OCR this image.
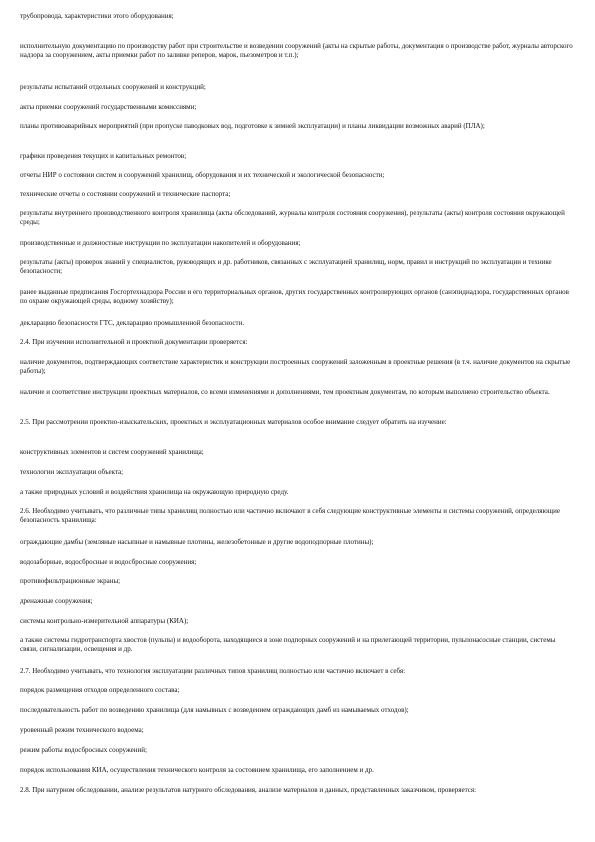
трубопровода, характеристики этого оборудования;

исполнительную документацию по производству работ при строительстве и возведении сооружений (акты на скрытые работы, документация о производстве работ, журналы авторского надзора за сооружением, акты приемки работ по заливке реперов, марок, пьезометров и т.п.);

результаты испытаний отдельных сооружений и конструкций;

акты приемки сооружений государственными комиссиями;

планы противоаварийных мероприятий (при пропуске паводковых вод, подготовке к зимней эксплуатации) и планы ликвидации возможных аварий (ПЛА);

графики проведения текущих и капитальных ремонтов;

отчеты НИР о состоянии систем и сооружений хранилищ, оборудования и их технической и экологической безопасности;

технические отчеты о состоянии сооружений и технические паспорта;

результаты внутреннего производственного контроля хранилища (акты обследований, журналы контроля состояния сооружения), результаты (акты) контроля состояния окружающей среды;

производственные и должностные инструкции по эксплуатации накопителей и оборудования;

результаты (акты) проверок знаний у специалистов, руководящих и др. работников, связанных с эксплуатацией хранилищ, норм, правил и инструкций по эксплуатации и технике безопасности;

ранее выданные предписания Госгортехнадзора России и его территориальных органов, других государственных контролирующих органов (санэпиднадзора, государственных органов по охране окружающей среды, водному хозяйству);

декларацию безопасности ГТС, декларацию промышленной безопасности.

2.4. При изучении исполнительной и проектной документации проверяется:

наличие документов, подтверждающих соответствие характеристик и конструкции построенных сооружений заложенным в проектные решения (в т.ч. наличие документов на скрытые работы);

наличие и соответствие инструкции проектных материалов, со всеми изменениями и дополнениями, тем проектным документам, по которым выполнено строительство объекта.

2.5. При рассмотрении проектно-изыскательских, проектных и эксплуатационных материалов особое внимание следует обратить на изучение:

конструктивных элементов и систем сооружений хранилища;

технологии эксплуатации объекта;

а также природных условий и воздействия хранилища на окружающую природную среду.

2.6. Необходимо учитывать, что различные типы хранилищ полностью или частично включают в себя следующие конструктивные элементы и системы сооружений, определяющие безопасность хранилища:

ограждающие дамбы (земляные насыпные и намывные плотины, железобетонные и другие водоподпорные плотины);

водозаборные, водосбросные и водосбросные сооружения;

противофильтрационные экраны;

дренажные сооружения;

системы контрольно-измерительной аппаратуры (КИА);

а также системы гидротранспорта хвостов (пульпы) и водооборота, находящиеся в зоне подпорных сооружений и на прилегающей территории, пульпонасосные станции, системы связи, сигнализации, освещения и др.

2.7. Необходимо учитывать, что технология эксплуатации различных типов хранилищ полностью или частично включает в себя:

порядок размещения отходов определенного состава;

последовательность работ по возведению хранилища (для намывных с возведением ограждающих дамб из намываемых отходов);

уровенный режим технического водоема;

режим работы водосбросных сооружений;

порядок использования КИА, осуществления технического контроля за состоянием хранилища, его заполнением и др.

2.8. При натурном обследовании, анализе результатов натурного обследования, анализе материалов и данных, представленных заказчиком, проверяется:
